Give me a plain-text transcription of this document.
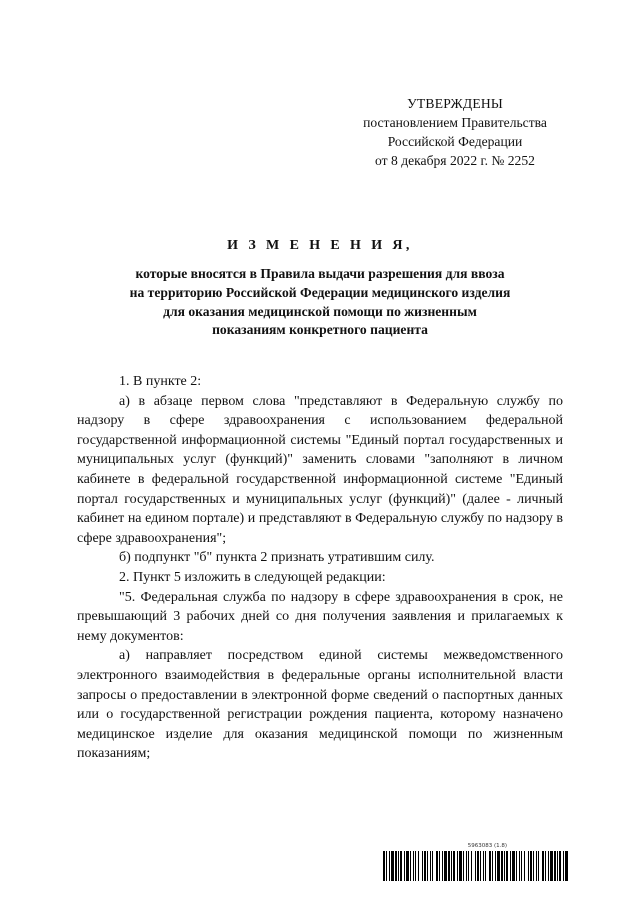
УТВЕРЖДЕНЫ
постановлением Правительства
Российской Федерации
от 8 декабря 2022 г. № 2252
И З М Е Н Е Н И Я,
которые вносятся в Правила выдачи разрешения для ввоза
на территорию Российской Федерации медицинского изделия
для оказания медицинской помощи по жизненным
показаниям конкретного пациента

1. В пункте 2:

а) в абзаце первом слова "представляют в Федеральную службу по надзору в сфере здравоохранения с использованием федеральной государственной информационной системы "Единый портал государственных и муниципальных услуг (функций)" заменить словами "заполняют в личном кабинете в федеральной государственной информационной системе "Единый портал государственных и муниципальных услуг (функций)" (далее - личный кабинет на едином портале) и представляют в Федеральную службу по надзору в сфере здравоохранения";

б) подпункт "б" пункта 2 признать утратившим силу.

2. Пункт 5 изложить в следующей редакции:

"5. Федеральная служба по надзору в сфере здравоохранения в срок, не превышающий 3 рабочих дней со дня получения заявления и прилагаемых к нему документов:

а) направляет посредством единой системы межведомственного электронного взаимодействия в федеральные органы исполнительной власти запросы о предоставлении в электронной форме сведений о паспортных данных или о государственной регистрации рождения пациента, которому назначено медицинское изделие для оказания медицинской помощи по жизненным показаниям;

5963083 (1.8)
